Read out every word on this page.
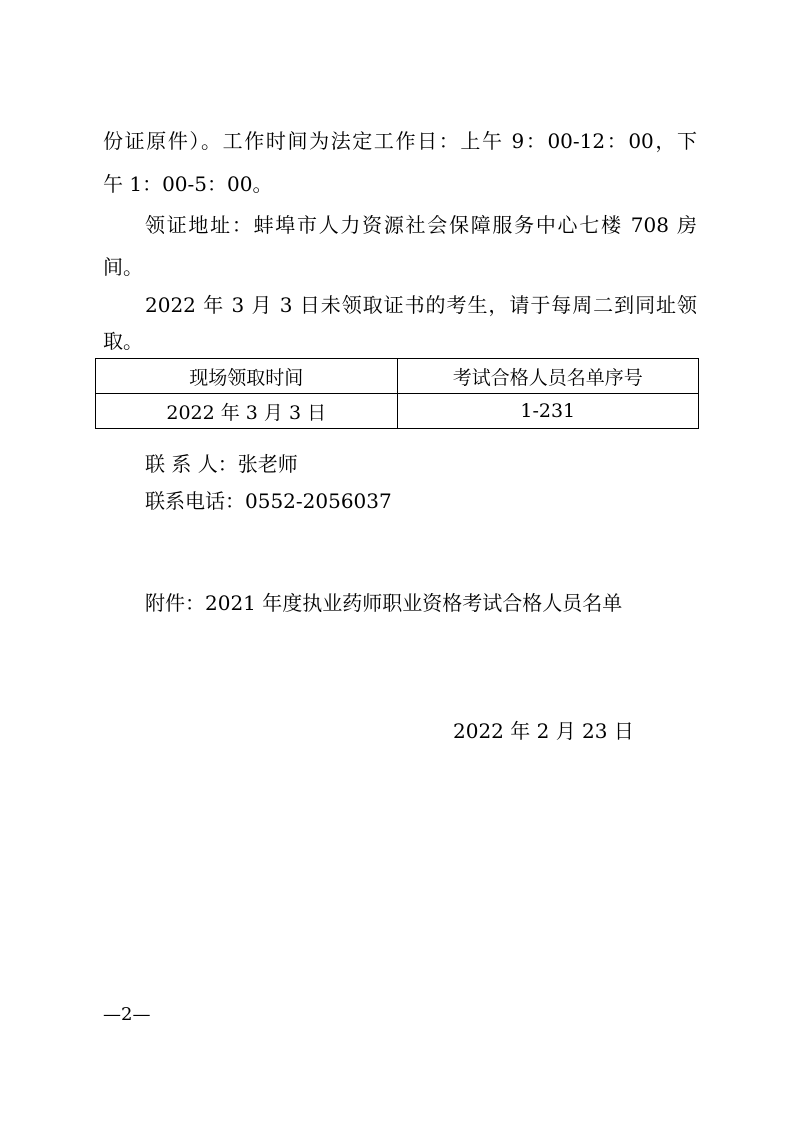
份证原件）。工作时间为法定工作日：上午 9：00-12：00，下
午 1：00-5：00。
领证地址：蚌埠市人力资源社会保障服务中心七楼 708 房
间。
2022 年 3 月 3 日未领取证书的考生，请于每周二到同址领
取。
现场领取时间	考试合格人员名单序号
2022 年 3 月 3 日	1-231
联 系 人：张老师
联系电话：0552-2056037
附件：2021 年度执业药师职业资格考试合格人员名单
2022 年 2 月 23 日
—2—
